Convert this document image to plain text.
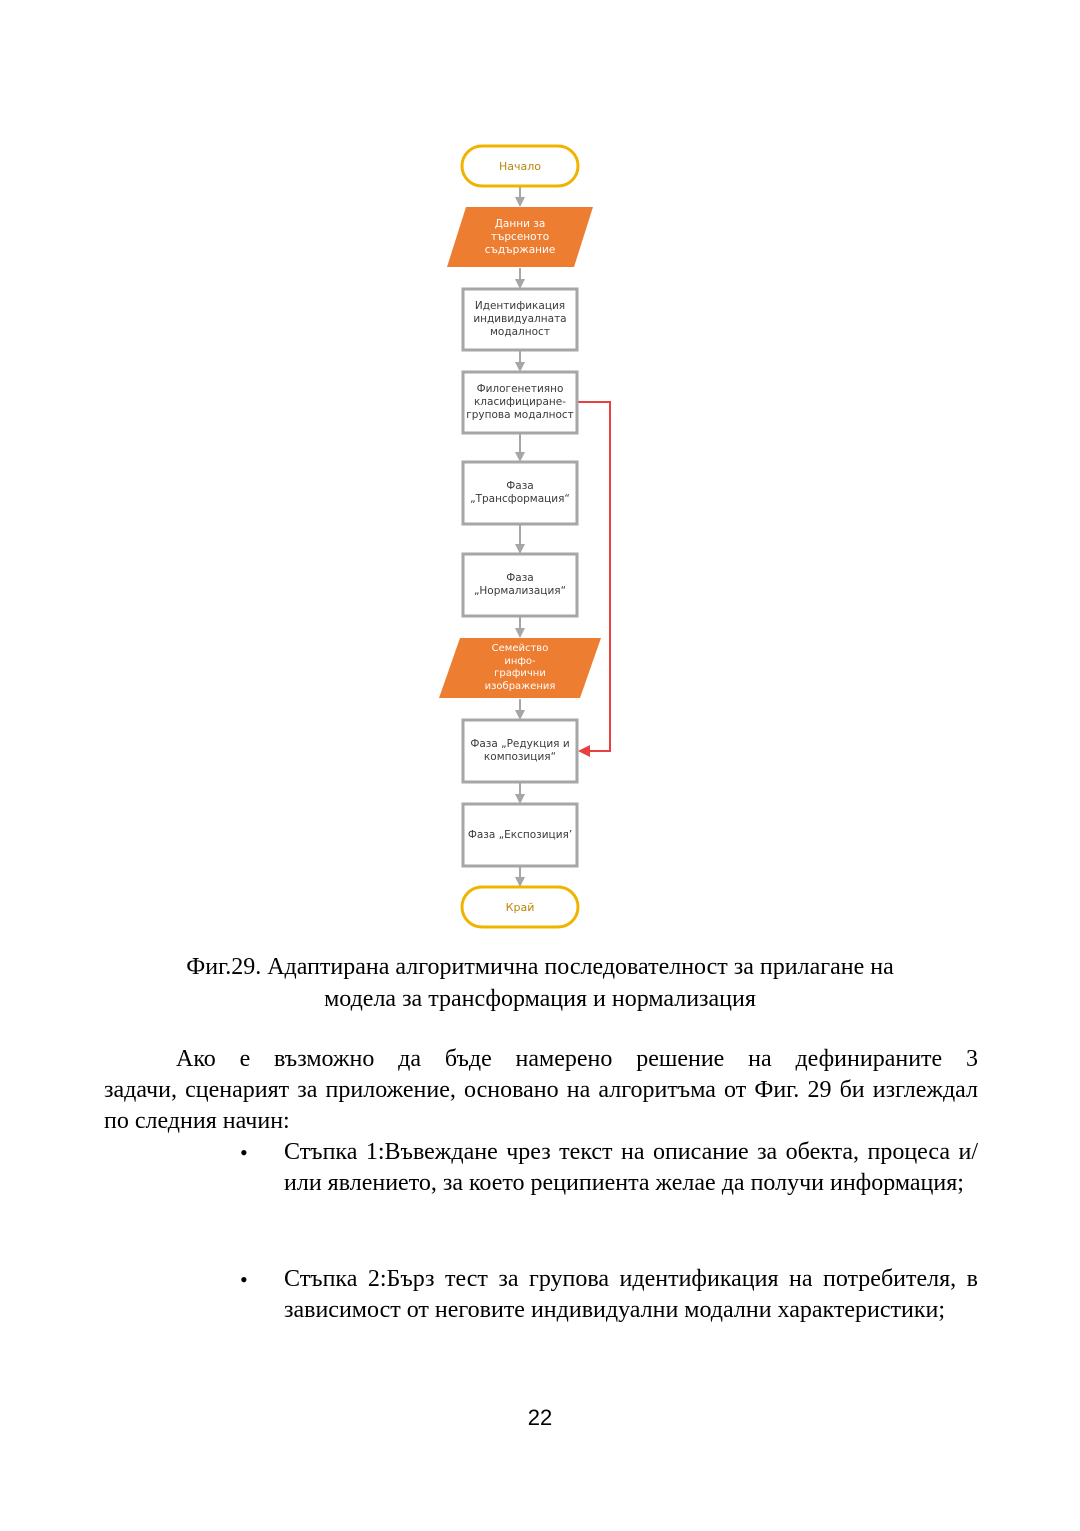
Начало
Данни за
търсеното
съдържание
Идентификация
индивидуалната
модалност
Филогенетияно
класифициране-
групова модалност
Фаза
„Трансформация“
Фаза
„Нормализация“
Семейство
инфо-
графични
изображения
Фаза „Редукция и
композиция“
Фаза „Експозиция’
Край
Фиг.29. Адаптирана алгоритмична последователност за прилагане на
модела за трансформация и нормализация
Ако е възможно да бъде намерено решение на дефинираните 3
задачи, сценарият за приложение, основано на алгоритъма от Фиг. 29 би изглеждал по следния начин:
• Стъпка 1:Въвеждане чрез текст на описание за обекта, процеса и/или явлението, за което реципиента желае да получи информация;
• Стъпка 2:Бърз тест за групова идентификация на потребителя, в зависимост от неговите индивидуални модални характеристики;
22
